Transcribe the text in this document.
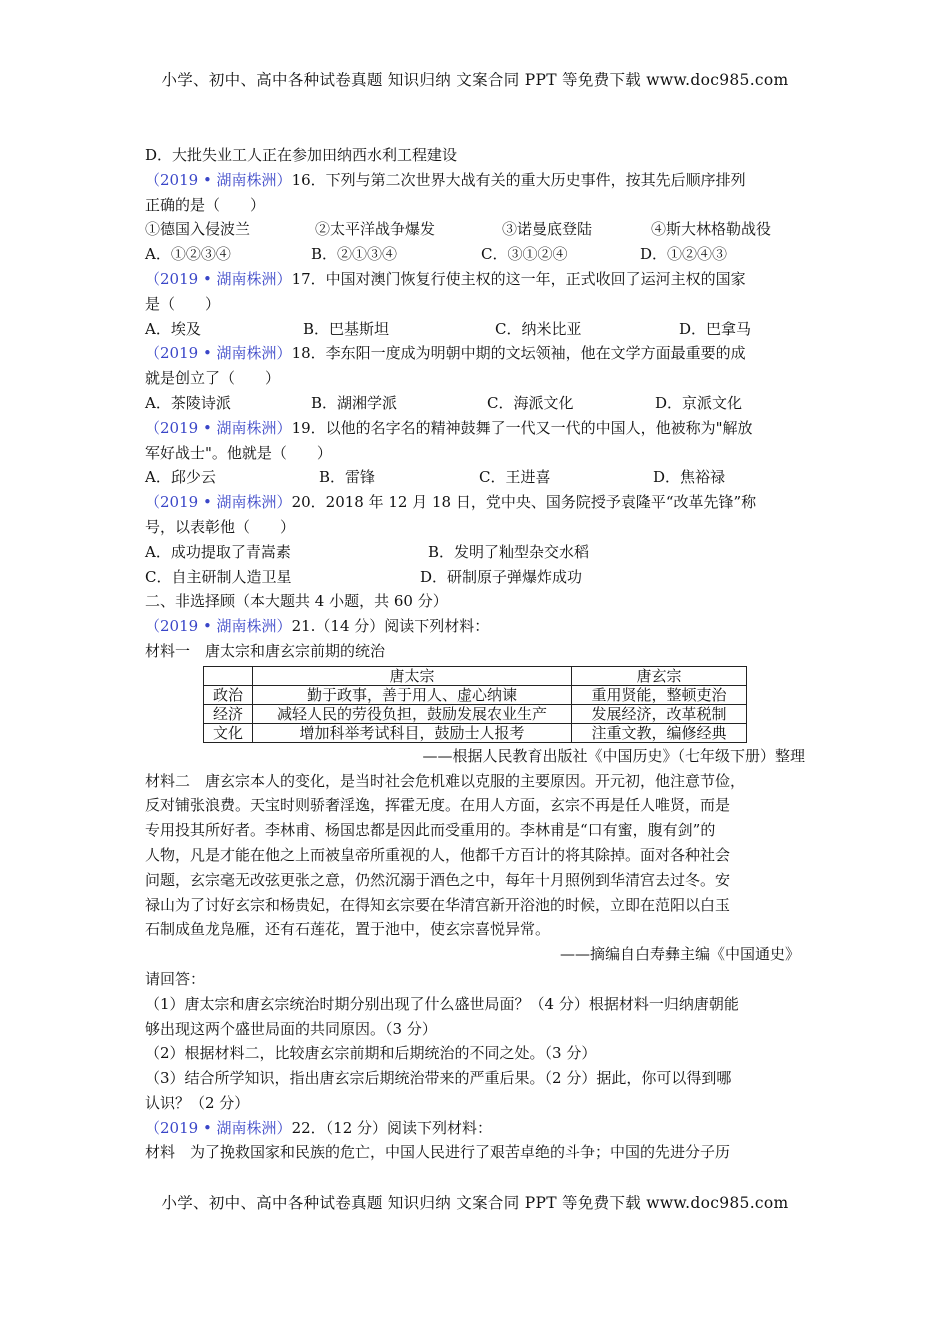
小学、初中、高中各种试卷真题 知识归纳 文案合同 PPT 等免费下载 www.doc985.com
D．大批失业工人正在参加田纳西水利工程建设
（2019 • 湖南株洲）16．下列与第二次世界大战有关的重大历史事件，按其先后顺序排列
正确的是（　　）
①德国入侵波兰	②太平洋战争爆发	③诺曼底登陆	④斯大林格勒战役
A．①②③④	B．②①③④	C．③①②④	D．①②④③
（2019 • 湖南株洲）17．中国对澳门恢复行使主权的这一年，正式收回了运河主权的国家
是（　　）
A．埃及	B．巴基斯坦	C．纳米比亚	D．巴拿马
（2019 • 湖南株洲）18．李东阳一度成为明朝中期的文坛领袖，他在文学方面最重要的成
就是创立了（　　）
A．茶陵诗派	B．湖湘学派	C．海派文化	D．京派文化
（2019 • 湖南株洲）19．以他的名字名的精神鼓舞了一代又一代的中国人，他被称为"解放
军好战士"。他就是（　　）
A．邱少云	B．雷锋	C．王进喜	D．焦裕禄
（2019 • 湖南株洲）20．2018 年 12 月 18 日，党中央、国务院授予袁隆平“改革先锋”称
号，以表彰他（　　）
A．成功提取了青嵩素	B．发明了籼型杂交水稻
C．自主研制人造卫星	D．研制原子弹爆炸成功
二、非选择顾（本大题共 4 小题，共 60 分）
（2019 • 湖南株洲）21.（14 分）阅读下列材料：
材料一　唐太宗和唐玄宗前期的统治
	唐太宗	唐玄宗
政治	勤于政事，善于用人、虚心纳谏	重用贤能，整顿吏治
经济	减轻人民的劳役负担，鼓励发展农业生产	发展经济，改革税制
文化	增加科举考试科目，鼓励士人报考	注重文教，编修经典
——根据人民教育出版社《中国历史》（七年级下册）整理
材料二　唐玄宗本人的变化，是当时社会危机难以克服的主要原因。开元初，他注意节俭，
反对铺张浪费。天宝时则骄奢淫逸，挥霍无度。在用人方面，玄宗不再是任人唯贤，而是
专用投其所好者。李林甫、杨国忠都是因此而受重用的。李林甫是“口有蜜，腹有剑”的
人物，凡是才能在他之上而被皇帝所重视的人，他都千方百计的将其除掉。面对各种社会
问题，玄宗毫无改弦更张之意，仍然沉溺于酒色之中，每年十月照例到华清宫去过冬。安
禄山为了讨好玄宗和杨贵妃，在得知玄宗要在华清宫新开浴池的时候，立即在范阳以白玉
石制成鱼龙凫雁，还有石莲花，置于池中，使玄宗喜悦异常。
——摘编自白寿彝主编《中国通史》
请回答：
（1）唐太宗和唐玄宗统治时期分别出现了什么盛世局面？（4 分）根据材料一归纳唐朝能
够出现这两个盛世局面的共同原因。（3 分）
（2）根据材料二，比较唐玄宗前期和后期统治的不同之处。（3 分）
（3）结合所学知识，指出唐玄宗后期统治带来的严重后果。（2 分）据此，你可以得到哪
认识？（2 分）
（2019 • 湖南株洲）22．（12 分）阅读下列材料：
材料　为了挽救国家和民族的危亡，中国人民进行了艰苦卓绝的斗争；中国的先进分子历
小学、初中、高中各种试卷真题 知识归纳 文案合同 PPT 等免费下载 www.doc985.com
